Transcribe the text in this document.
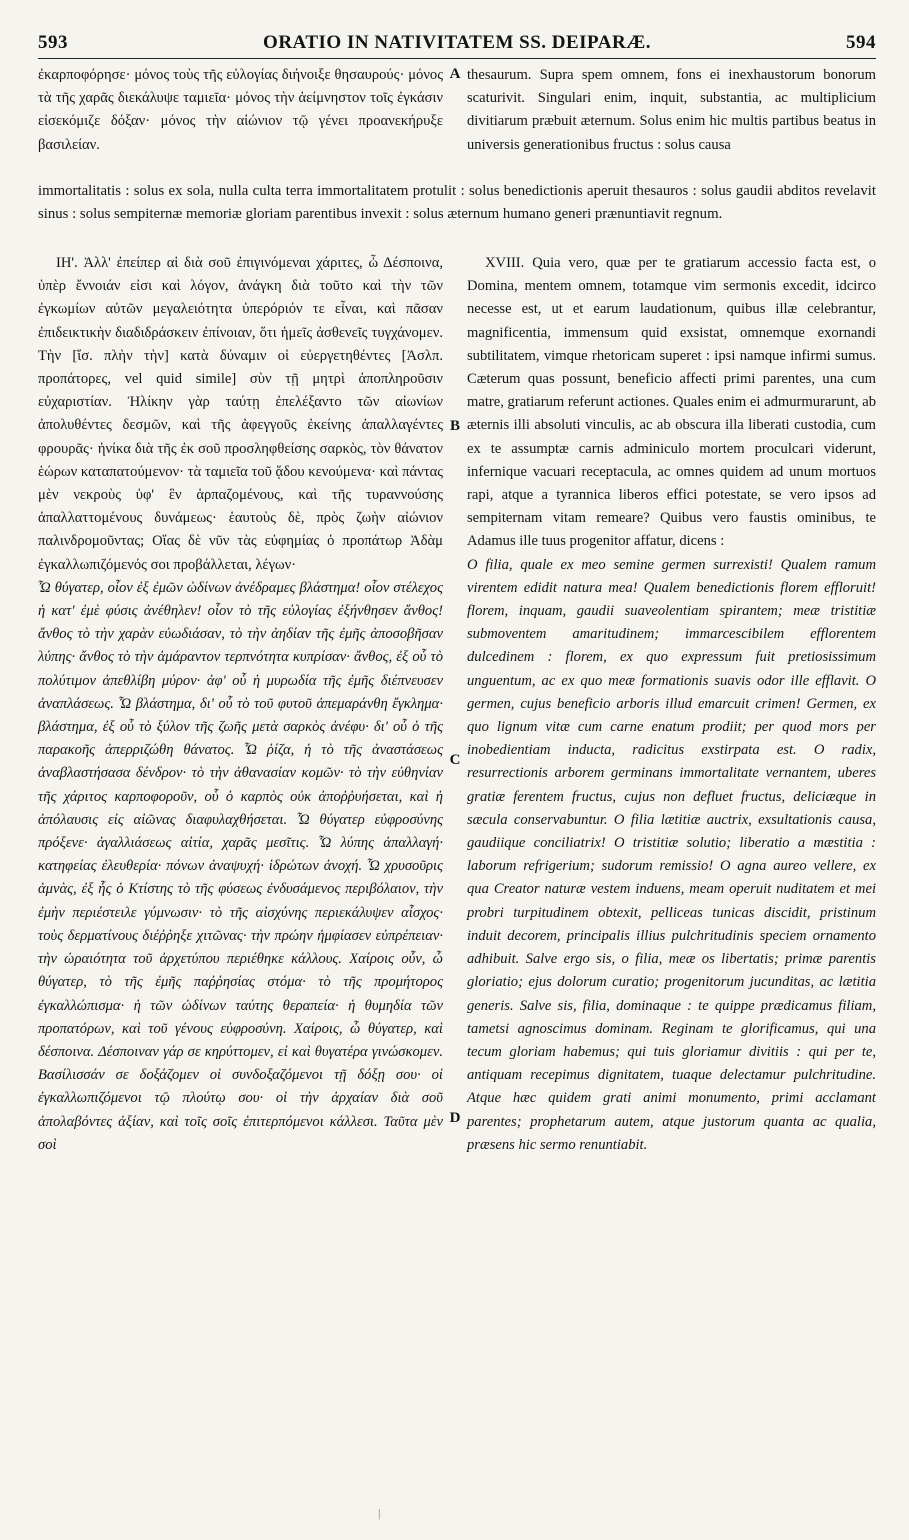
593	ORATIO IN NATIVITATEM SS. DEIPARÆ.	594

ἐκαρποφόρησε· μόνος τοὺς τῆς εὐλογίας διήνοιξε θησαυρούς· μόνος τὰ τῆς χαρᾶς διεκάλυψε ταμιεῖα· μόνος τὴν ἀείμνηστον τοῖς ἐγκάσιν εἰσεκόμιζε δόξαν· μόνος τὴν αἰώνιον τῷ γένει προανεκήρυξε βασιλείαν.

thesaurum. Supra spem omnem, fons ei inexhaustorum bonorum scaturivit. Singulari enim, inquit, substantia, ac multiplicium divitiarum præbuit æternum. Solus enim hic multis partibus beatus in universis generationibus fructus : solus causa

immortalitatis : solus ex sola, nulla culta terra immortalitatem protulit : solus benedictionis aperuit thesauros : solus gaudii abditos revelavit sinus : solus sempiternæ memoriæ gloriam parentibus invexit : solus æternum humano generi prænuntiavit regnum.

ΙΗ'. Ἀλλ' ἐπείπερ αἱ διὰ σοῦ ἐπιγινόμεναι χάριτες, ὦ Δέσποινα, ὑπὲρ ἔννοιάν εἰσι καὶ λόγον, ἀνάγκη διὰ τοῦτο καὶ τὴν τῶν ἐγκωμίων αὐτῶν μεγαλειότητα ὑπερόριόν τε εἶναι, καὶ πᾶσαν ἐπιδεικτικὴν διαδιδράσκειν ἐπίνοιαν, ὅτι ἡμεῖς ἀσθενεῖς τυγχάνομεν. Τὴν [ἴσ. πλὴν τὴν] κατὰ δύναμιν οἱ εὐεργετηθέντες [Ἀσλπ. προπάτορες, vel quid simile] σὺν τῇ μητρὶ ἀποπληροῦσιν εὐχαριστίαν. Ἠλίκην γὰρ ταύτῃ ἐπελέξαντο τῶν αἰωνίων ἀπολυθέντες δεσμῶν, καὶ τῆς ἀφεγγοῦς ἐκείνης ἀπαλλαγέντες φρουρᾶς· ἡνίκα διὰ τῆς ἐκ σοῦ προσληφθείσης σαρκὸς, τὸν θάνατον ἑώρων καταπατούμενον· τὰ ταμιεῖα τοῦ ᾅδου κενούμενα· καὶ πάντας μὲν νεκροὺς ὑφ' ἓν ἁρπαζομένους, καὶ τῆς τυραννούσης ἀπαλλαττομένους δυνάμεως· ἑαυτοὺς δὲ, πρὸς ζωὴν αἰώνιον παλινδρομοῦντας; Οἵας δὲ νῦν τὰς εὐφημίας ὁ προπάτωρ Ἀδὰμ ἐγκαλλωπιζόμενός σοι προβάλλεται, λέγων·

Ὦ θύγατερ, οἷον ἐξ ἐμῶν ὠδίνων ἀνέδραμες βλάστημα! οἷον στέλεχος ἡ κατ' ἐμὲ φύσις ἀνέθηλεν! οἷον τὸ τῆς εὐλογίας ἐξήνθησεν ἄνθος! ἄνθος τὸ τὴν χαρὰν εὐωδιάσαν, τὸ τὴν ἀηδίαν τῆς ἐμῆς ἀποσοβῆσαν λύπης· ἄνθος τὸ τὴν ἀμάραντον τερπνότητα κυπρίσαν· ἄνθος, ἐξ οὗ τὸ πολύτιμον ἀπεθλίβη μύρον· ἀφ' οὗ ἡ μυρωδία τῆς ἐμῆς διέπνευσεν ἀναπλάσεως. Ὦ βλάστημα, δι' οὗ τὸ τοῦ φυτοῦ ἀπεμαράνθη ἔγκλημα· βλάστημα, ἐξ οὗ τὸ ξύλον τῆς ζωῆς μετὰ σαρκὸς ἀνέφυ· δι' οὗ ὁ τῆς παρακοῆς ἀπερριζώθη θάνατος. Ὦ ῥίζα, ἡ τὸ τῆς ἀναστάσεως ἀναβλαστήσασα δένδρον· τὸ τὴν ἀθανασίαν κομῶν· τὸ τὴν εὐθηνίαν τῆς χάριτος καρποφοροῦν, οὗ ὁ καρπὸς οὐκ ἀποῤῥυήσεται, καὶ ἡ ἀπόλαυσις εἰς αἰῶνας διαφυλαχθήσεται. Ὦ θύγατερ εὐφροσύνης πρόξενε· ἀγαλλιάσεως αἰτία, χαρᾶς μεσῖτις. Ὦ λύπης ἀπαλλαγή· κατηφείας ἐλευθερία· πόνων ἀναψυχή· ἱδρώτων ἀνοχή. Ὦ χρυσοῦρις ἀμνὰς, ἐξ ἧς ὁ Κτίστης τὸ τῆς φύσεως ἐνδυσάμενος περιβόλαιον, τὴν ἐμὴν περιέστειλε γύμνωσιν· τὸ τῆς αἰσχύνης περιεκάλυψεν αἶσχος· τοὺς δερματίνους διέῤῥηξε χιτῶνας· τὴν πρώην ἠμφίασεν εὐπρέπειαν· τὴν ὡραιότητα τοῦ ἀρχετύπου περιέθηκε κάλλους. Χαίροις οὖν, ὦ θύγατερ, τὸ τῆς ἐμῆς παῤῥησίας στόμα· τὸ τῆς προμήτορος ἐγκαλλώπισμα· ἡ τῶν ὠδίνων ταύτης θεραπεία· ἡ θυμηδία τῶν προπατόρων, καὶ τοῦ γένους εὐφροσύνη. Χαίροις, ὦ θύγατερ, καὶ δέσποινα. Δέσποιναν γάρ σε κηρύττομεν, εἰ καὶ θυγατέρα γινώσκομεν. Βασίλισσάν σε δοξάζομεν οἱ συνδοξαζόμενοι τῇ δόξῃ σου· οἱ ἐγκαλλωπιζόμενοι τῷ πλούτῳ σου· οἱ τὴν ἀρχαίαν διὰ σοῦ ἀπολαβόντες ἀξίαν, καὶ τοῖς σοῖς ἐπιτερπόμενοι κάλλεσι. Ταῦτα μὲν σοὶ

XVIII. Quia vero, quæ per te gratiarum accessio facta est, o Domina, mentem omnem, totamque vim sermonis excedit, idcirco necesse est, ut et earum laudationum, quibus illæ celebrantur, magnificentia, immensum quid exsistat, omnemque exornandi subtilitatem, vimque rhetoricam superet : ipsi namque infirmi sumus. Cæterum quas possunt, beneficio affecti primi parentes, una cum matre, gratiarum referunt actiones. Quales enim ei admurmurarunt, ab æternis illi absoluti vinculis, ac ab obscura illa liberati custodia, cum ex te assumptæ carnis adminiculo mortem proculcari viderunt, infernique vacuari receptacula, ac omnes quidem ad unum mortuos rapi, atque a tyrannica liberos effici potestate, se vero ipsos ad sempiternam vitam remeare? Quibus vero faustis ominibus, te Adamus ille tuus progenitor affatur, dicens :

O filia, quale ex meo semine germen surrexisti! Qualem ramum virentem edidit natura mea! Qualem benedictionis florem effloruit! florem, inquam, gaudii suaveolentiam spirantem; meæ tristitiæ submoventem amaritudinem; immarcescibilem efflorentem dulcedinem : florem, ex quo expressum fuit pretiosissimum unguentum, ac ex quo meæ formationis suavis odor ille efflavit. O germen, cujus beneficio arboris illud emarcuit crimen! Germen, ex quo lignum vitæ cum carne enatum prodiit; per quod mors per inobedientiam inducta, radicitus exstirpata est. O radix, resurrectionis arborem germinans immortalitate vernantem, uberes gratiæ ferentem fructus, cujus non defluet fructus, deliciæque in sæcula conservabuntur. O filia lætitiæ auctrix, exsultationis causa, gaudiique conciliatrix! O tristitiæ solutio; liberatio a mæstitia : laborum refrigerium; sudorum remissio! O agna aureo vellere, ex qua Creator naturæ vestem induens, meam operuit nuditatem et mei probri turpitudinem obtexit, pelliceas tunicas discidit, pristinum induit decorem, principalis illius pulchritudinis speciem ornamento adhibuit. Salve ergo sis, o filia, meæ os libertatis; primæ parentis gloriatio; ejus dolorum curatio; progenitorum jucunditas, ac lætitia generis. Salve sis, filia, dominaque : te quippe prædicamus filiam, tametsi agnoscimus dominam. Reginam te glorificamus, qui una tecum gloriam habemus; qui tuis gloriamur divitiis : qui per te, antiquam recepimus dignitatem, tuaque delectamur pulchritudine. Atque hæc quidem grati animi monumento, primi acclamant parentes; prophetarum autem, atque justorum quanta ac qualia, præsens hic sermo renuntiabit.

A
B
C
D
|
